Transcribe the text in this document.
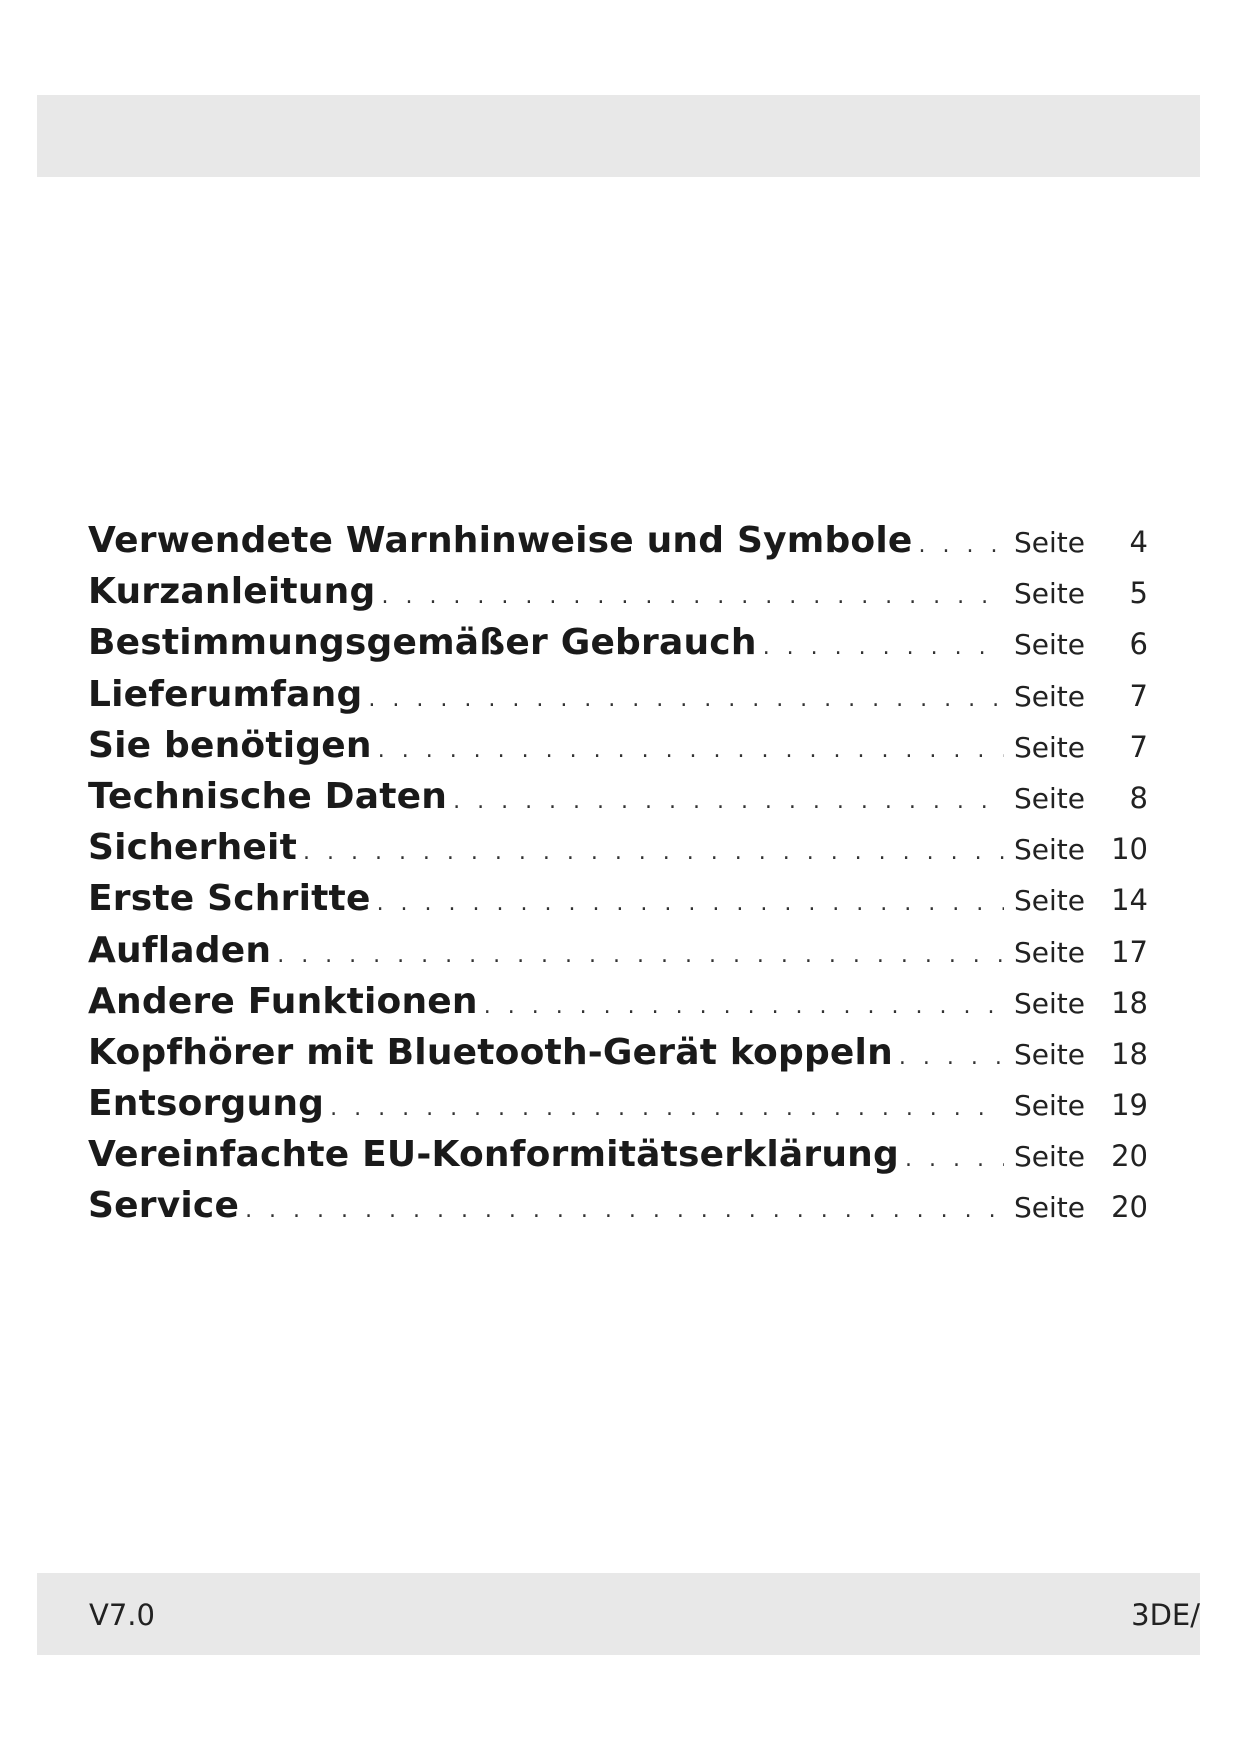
Verwendete Warnhinweise und Symbole . . .	Seite	4
Kurzanleitung . . .	Seite	5
Bestimmungsgemäßer Gebrauch . . .	Seite	6
Lieferumfang . . .	Seite	7
Sie benötigen . . .	Seite	7
Technische Daten . . .	Seite	8
Sicherheit . . .	Seite 10
Erste Schritte . . .	Seite 14
Aufladen . . .	Seite 17
Andere Funktionen . . .	Seite 18
Kopfhörer mit Bluetooth-Gerät koppeln . . .	Seite 18
Entsorgung . . .	Seite 19
Vereinfachte EU-Konformitätserklärung . . .	Seite 20
Service . . .	Seite 20
V7.0	3DE/
